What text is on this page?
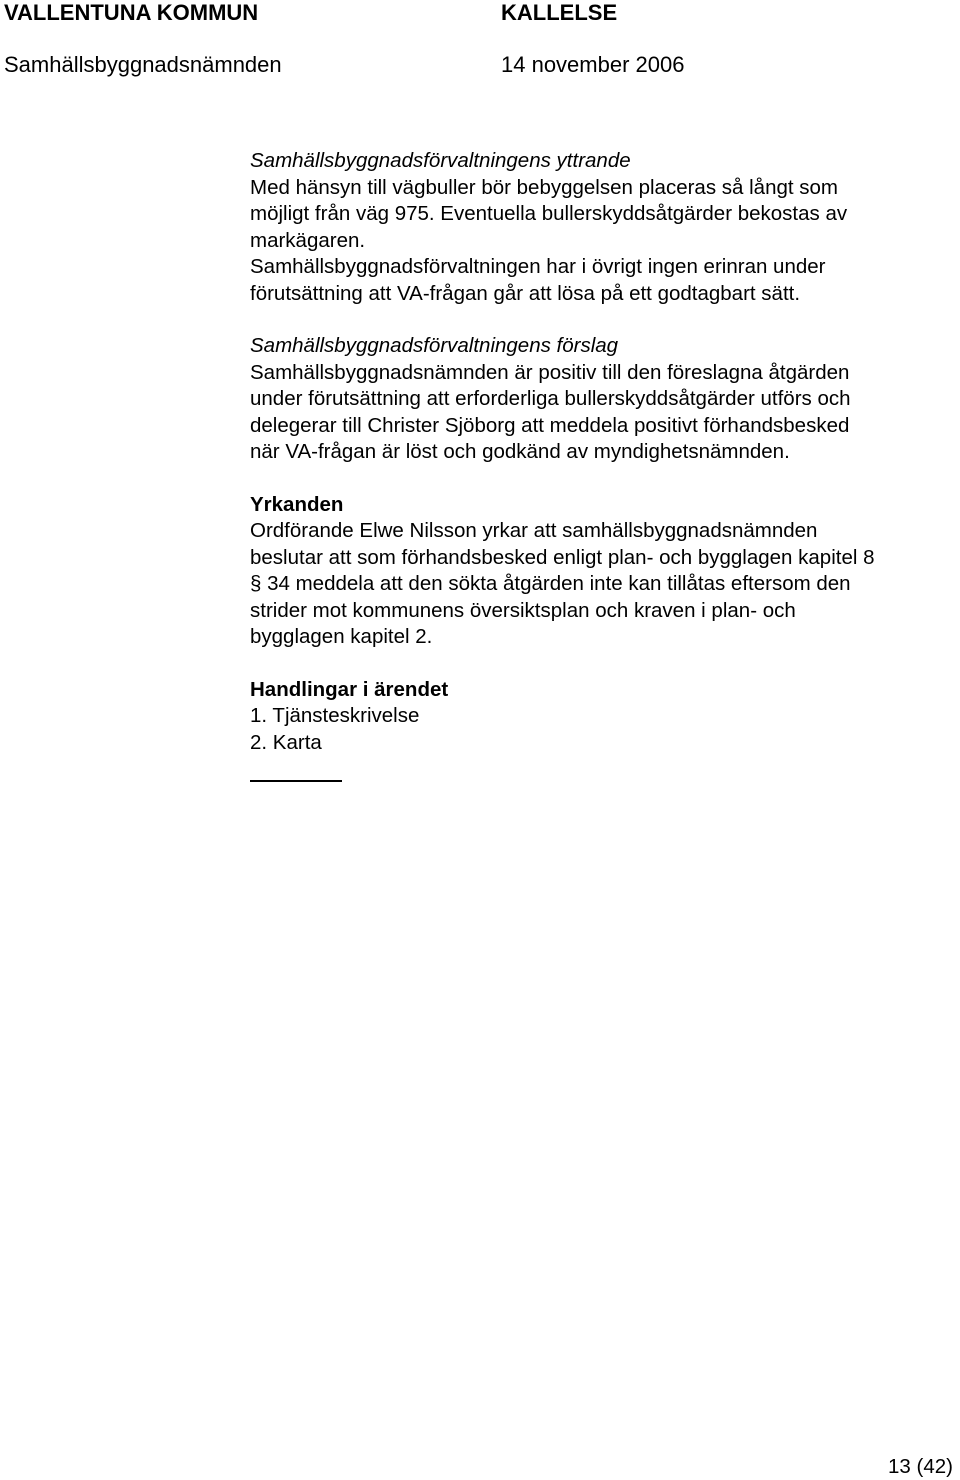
VALLENTUNA KOMMUN	KALLELSE
Samhällsbyggnadsnämnden	14 november 2006

Samhällsbyggnadsförvaltningens yttrande

Med hänsyn till vägbuller bör bebyggelsen placeras så långt som

möjligt från väg 975. Eventuella bullerskyddsåtgärder bekostas av

markägaren.

Samhällsbyggnadsförvaltningen har i övrigt ingen erinran under

förutsättning att VA-frågan går att lösa på ett godtagbart sätt.

Samhällsbyggnadsförvaltningens förslag

Samhällsbyggnadsnämnden är positiv till den föreslagna åtgärden

under förutsättning att erforderliga bullerskyddsåtgärder utförs och

delegerar till Christer Sjöborg att meddela positivt förhandsbesked

när VA-frågan är löst och godkänd av myndighetsnämnden.

Yrkanden

Ordförande Elwe Nilsson yrkar att samhällsbyggnadsnämnden

beslutar att som förhandsbesked enligt plan- och bygglagen kapitel 8

§ 34 meddela att den sökta åtgärden inte kan tillåtas eftersom den

strider mot kommunens översiktsplan och kraven i plan- och

bygglagen kapitel 2.

Handlingar i ärendet

1. Tjänsteskrivelse

2. Karta

13 (42)
